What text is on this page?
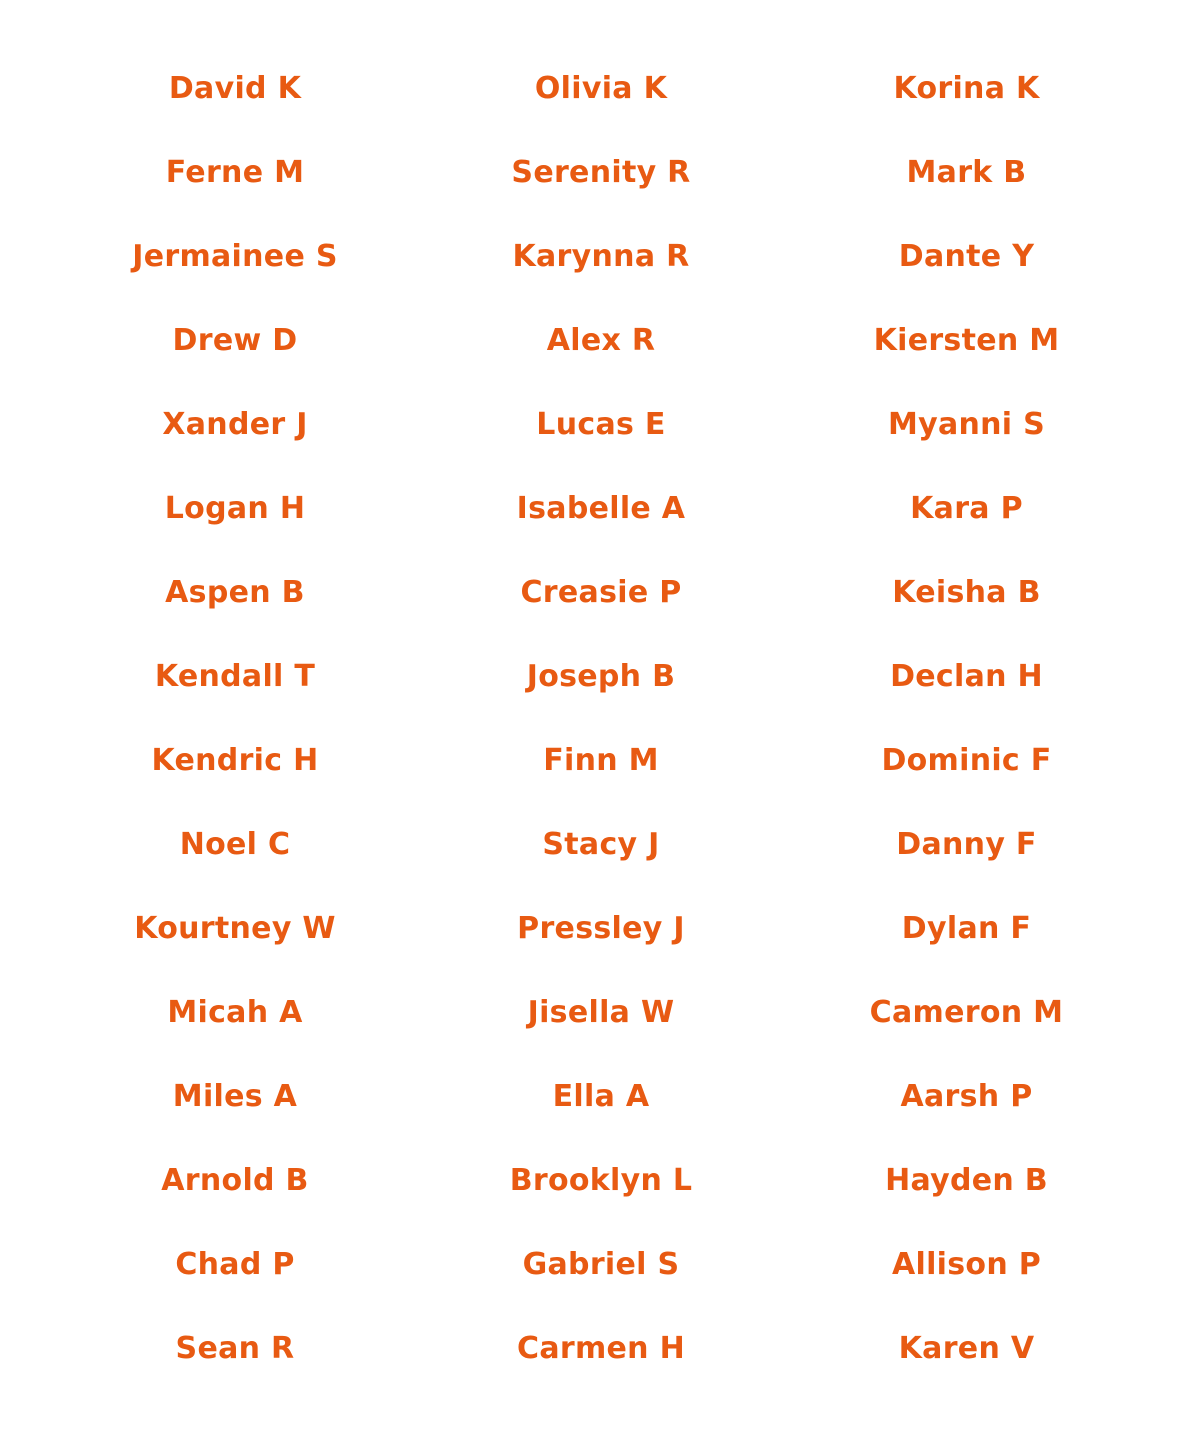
David K	Olivia K	Korina K
Ferne M	Serenity R	Mark B
Jermainee S	Karynna R	Dante Y
Drew D	Alex R	Kiersten M
Xander J	Lucas E	Myanni S
Logan H	Isabelle A	Kara P
Aspen B	Creasie P	Keisha B
Kendall T	Joseph B	Declan H
Kendric H	Finn M	Dominic F
Noel C	Stacy J	Danny F
Kourtney W	Pressley J	Dylan F
Micah A	Jisella W	Cameron M
Miles A	Ella A	Aarsh P
Arnold B	Brooklyn L	Hayden B
Chad P	Gabriel S	Allison P
Sean R	Carmen H	Karen V
